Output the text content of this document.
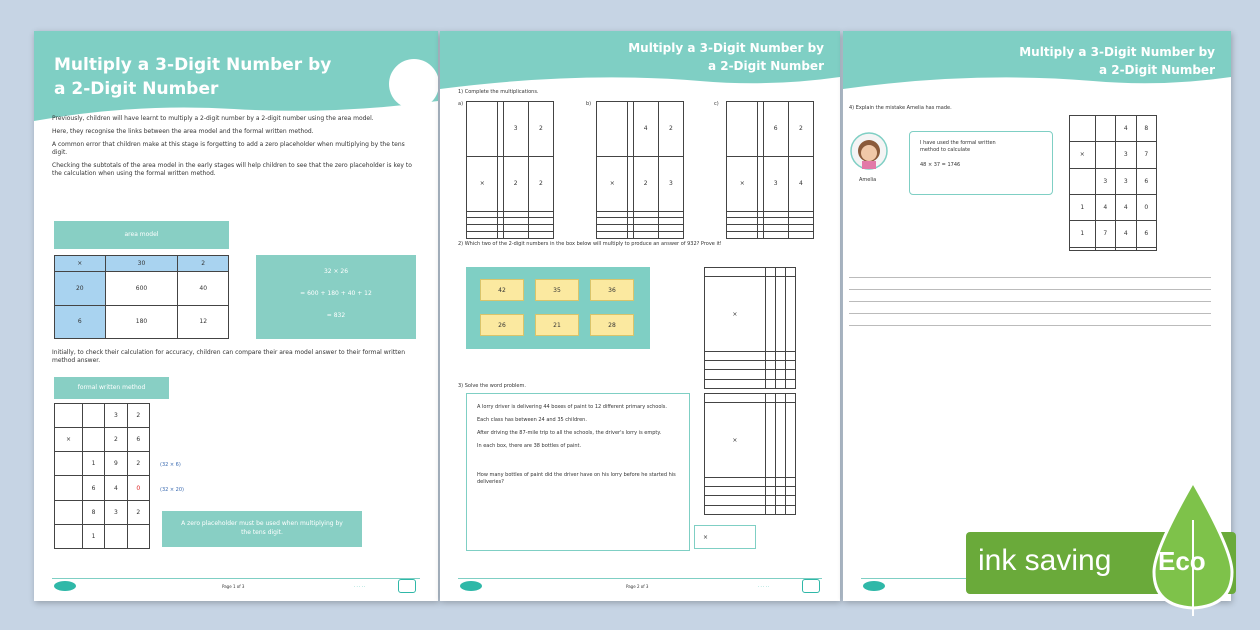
Multiply a 3-Digit Number by
a 2-Digit Number

Previously, children will have learnt to multiply a 2-digit number by a 2-digit number using the area model.

Here, they recognise the links between the area model and the formal written method.

A common error that children make at this stage is forgetting to add a zero placeholder when multiplying by the tens digit.

Checking the subtotals of the area model in the early stages will help children to see that the zero placeholder is key to the calculation when using the formal written method.

area model
×	30	2
20	600	40
6	180	12
32 × 26
= 600 + 180 + 40 + 12
= 832

Initially, to check their calculation for accuracy, children can compare their area model answer to their formal written method answer.

formal written method
		3	2
×		2	6
	1	9	2
	6	4	0
	8	3	2
	1		
(32 × 6)
(32 × 20)
A zero placeholder must be used when multiplying by the tens digit.
Page 1 of 3	· · · · ·
Multiply a 3-Digit Number by
a 2-Digit Number

1) Complete the multiplications.

a)	b)	c)
		3	2
×		2	2

		4	2
×		2	3

		6	2
×		3	4

2) Which two of the 2-digit numbers in the box below will multiply to produce an answer of 932? Prove it!

42	35	36
26	21	28

×			

3) Solve the word problem.

A lorry driver is delivering 44 boxes of paint to 12 different primary schools.

Each class has between 24 and 35 children.

After driving the 87-mile trip to all the schools, the driver's lorry is empty.

In each box, there are 38 bottles of paint.

How many bottles of paint did the driver have on his lorry before he started his deliveries?

×			

×
Page 2 of 3	· · · · ·
Multiply a 3-Digit Number by
a 2-Digit Number

4) Explain the mistake Amelia has made.

Amelia

I have used the formal written

method to calculate

48 × 37 = 1746

		4	8
×		3	7
	3	3	6
1	4	4	0
1	7	4	6

ink saving Eco
